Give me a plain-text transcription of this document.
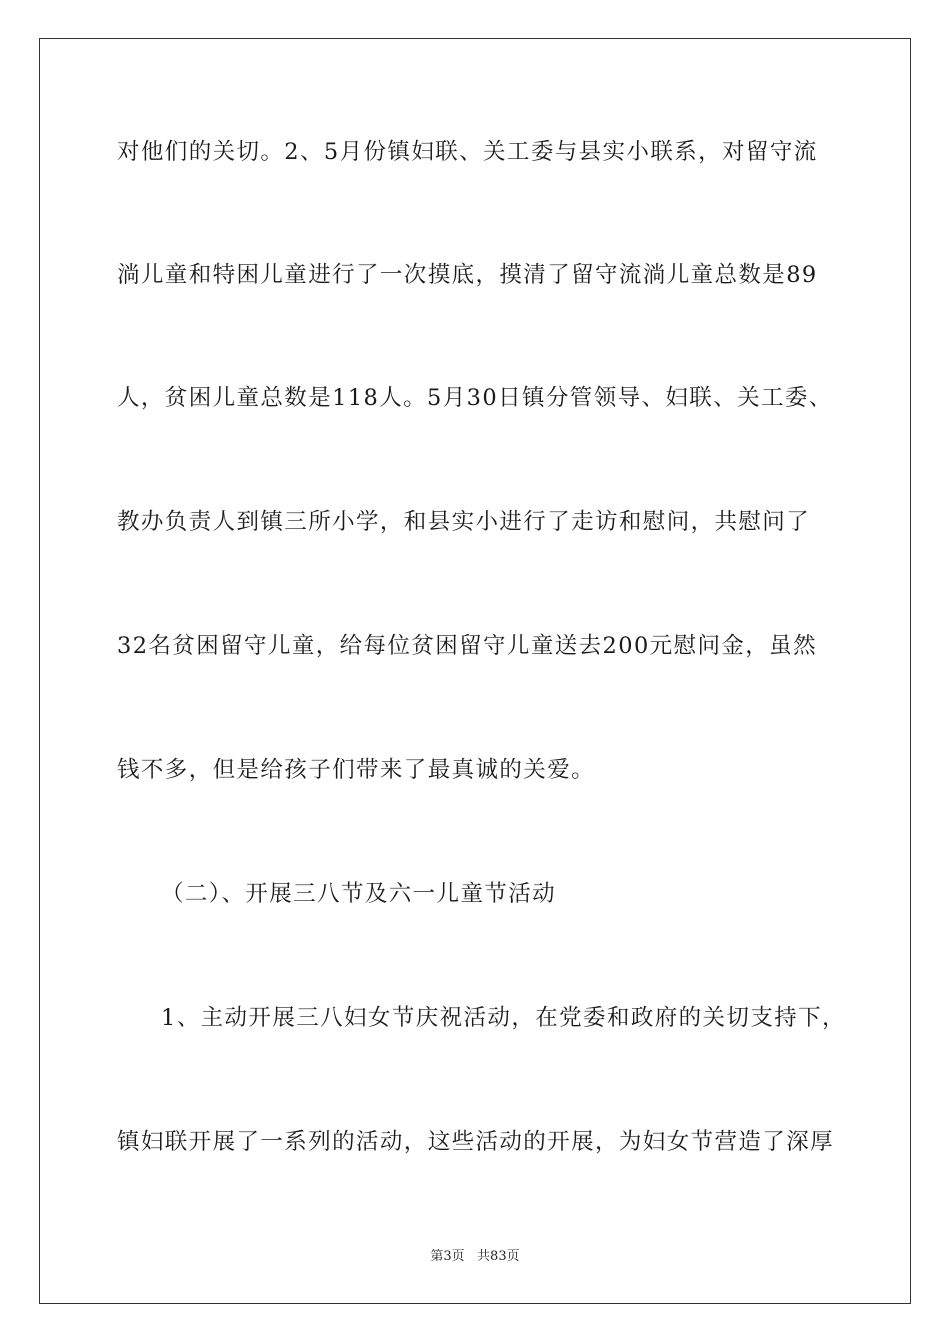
对他们的关切。2、5月份镇妇联、关工委与县实小联系，对留守流
淌儿童和特困儿童进行了一次摸底，摸清了留守流淌儿童总数是89
人，贫困儿童总数是118人。5月30日镇分管领导、妇联、关工委、
教办负责人到镇三所小学，和县实小进行了走访和慰问，共慰问了
32名贫困留守儿童，给每位贫困留守儿童送去200元慰问金，虽然
钱不多，但是给孩子们带来了最真诚的关爱。
（二）、开展三八节及六一儿童节活动
1、主动开展三八妇女节庆祝活动，在党委和政府的关切支持下，
镇妇联开展了一系列的活动，这些活动的开展，为妇女节营造了深厚
第3页   共83页
